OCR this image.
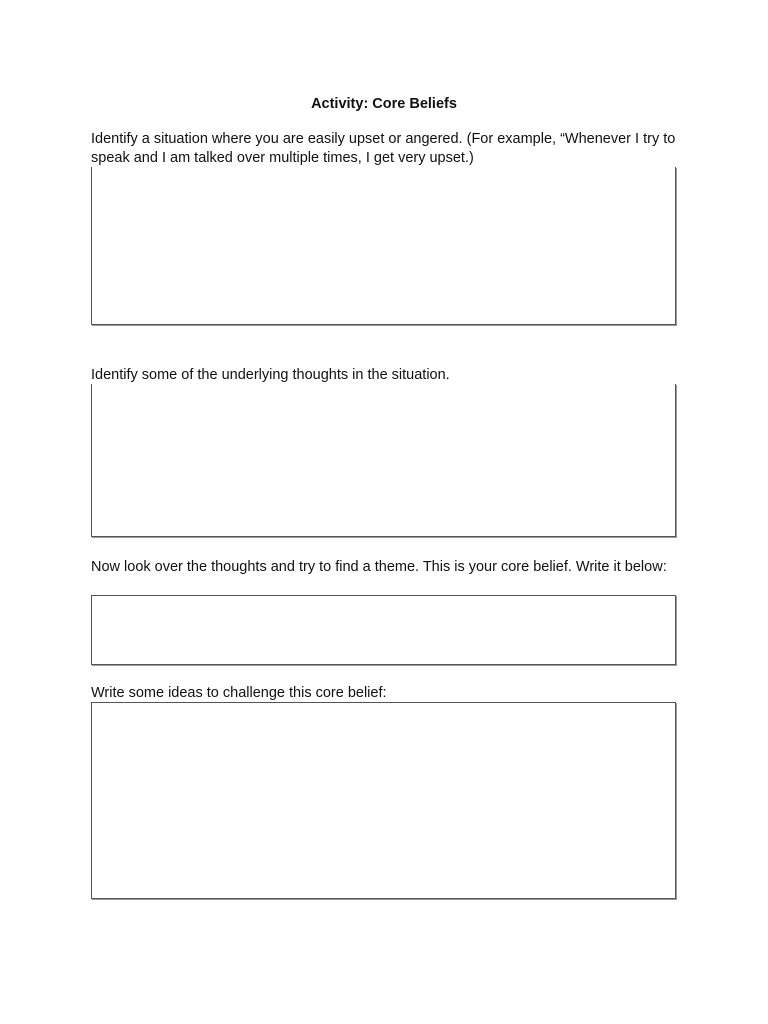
Activity: Core Beliefs

Identify a situation where you are easily upset or angered. (For example, “Whenever I try to speak and I am talked over multiple times, I get very upset.)

Identify some of the underlying thoughts in the situation.

Now look over the thoughts and try to find a theme. This is your core belief. Write it below:

Write some ideas to challenge this core belief:
